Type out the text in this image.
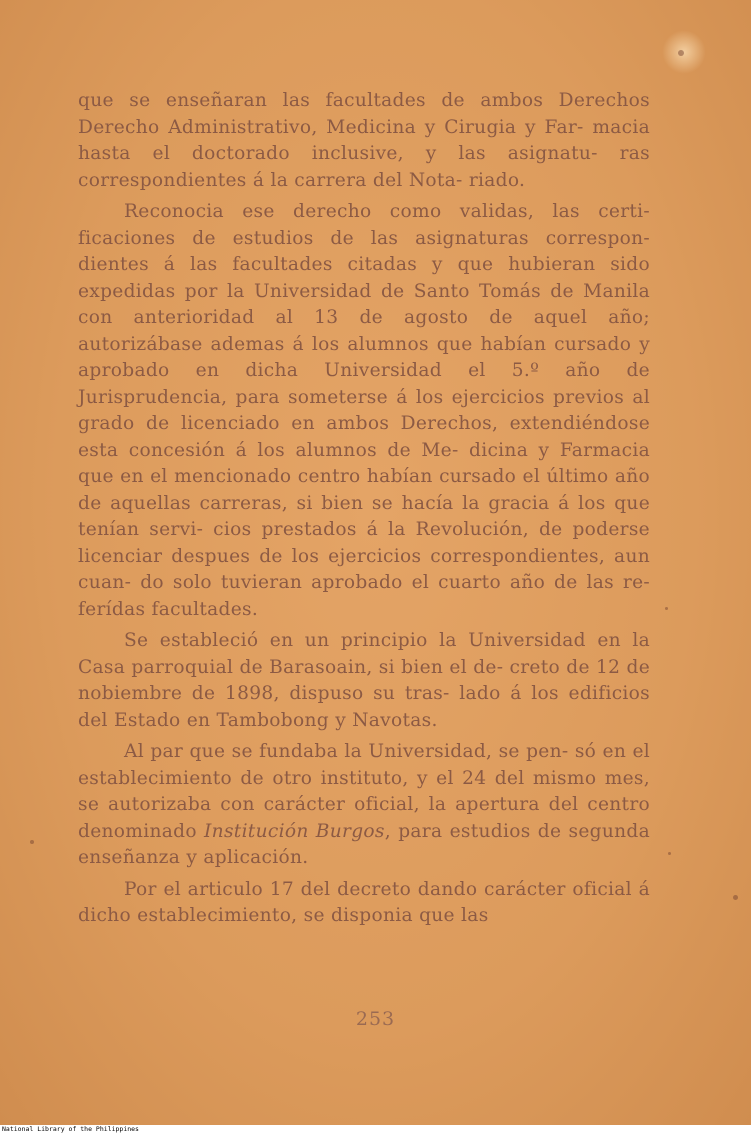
que se enseñaran las facultades de ambos Derechos Derecho Administrativo, Medicina y Cirugia y Far- macia hasta el doctorado inclusive, y las asignatu- ras correspondientes á la carrera del Nota- riado.

Reconocia ese derecho como validas, las certi- ficaciones de estudios de las asignaturas correspon- dientes á las facultades citadas y que hubieran sido expedidas por la Universidad de Santo Tomás de Manila con anterioridad al 13 de agosto de aquel año; autorizábase ademas á los alumnos que habían cursado y aprobado en dicha Universidad el 5.º año de Jurisprudencia, para someterse á los ejercicios previos al grado de licenciado en ambos Derechos, extendiéndose esta concesión á los alumnos de Me- dicina y Farmacia que en el mencionado centro habían cursado el último año de aquellas carreras, si bien se hacía la gracia á los que tenían servi- cios prestados á la Revolución, de poderse licenciar despues de los ejercicios correspondientes, aun cuan- do solo tuvieran aprobado el cuarto año de las re- ferídas facultades.

Se estableció en un principio la Universidad en la Casa parroquial de Barasoain, si bien el de- creto de 12 de nobiembre de 1898, dispuso su tras- lado á los edificios del Estado en Tambobong y Navotas.

Al par que se fundaba la Universidad, se pen- só en el establecimiento de otro instituto, y el 24 del mismo mes, se autorizaba con carácter oficial, la apertura del centro denominado Institución Burgos, para estudios de segunda enseñanza y aplicación.

Por el articulo 17 del decreto dando carácter oficial á dicho establecimiento, se disponia que las

253
National Library of the Philippines
